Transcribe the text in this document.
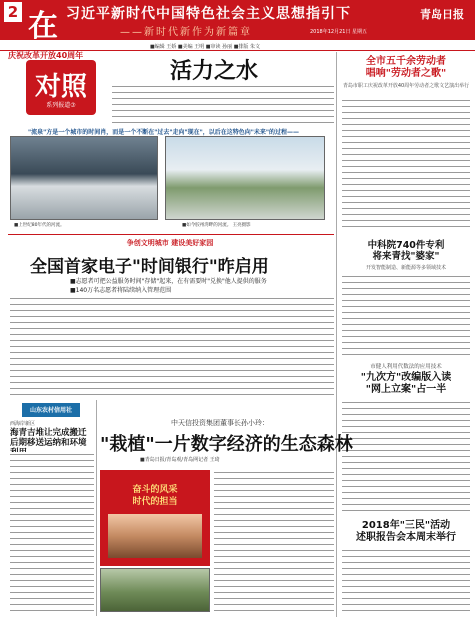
2 在 习近平新时代中国特色社会主义思想指引下
——新时代新作为新篇章
青岛日报
2018年12月21日 星期五
■编辑 王娇 ■美编 王明 ■审读 孙丽 ■排版 朱文
庆祝改革开放40周年
对照
系列报道⑦
活力之水
"流泉"方是一个城市的时间肖，而是一个不断在"过去"走向"现在"，以后在这特色向"未来"的过程——
■上世纪80年代的河流。	■如今胶州湾畔的河流。 王亮摄影
全市五千余劳动者
唱响"劳动者之歌"
青岛市职工庆祝改革开放40周年劳动者之歌文艺演出举行
中科院740件专利
将来青找"婆家"
开发智能制造、新能源等多领域技术
市健人利用代数法的应用技术
"九次方"改编版入读
"网上立案"占一半
2018年"三民"活动
述职报告会本周末举行
争创文明城市 建设美好家园
全国首家电子"时间银行"昨启用
■志愿者可把公益服务时间"存储"起来，在有需要时"兑换"他人提供的服务
■140万名志愿者将陆续纳入管理范围
山东农村信用社
西海岸新区
海青吉堆让完成搬迁后期移送运纳和环境
中天信投资集团董事长孙小玲：
"栽植"一片数字经济的生态森林
■青岛日报/青岛观/青岛网记者 王琦
奋斗的风采
时代的担当
